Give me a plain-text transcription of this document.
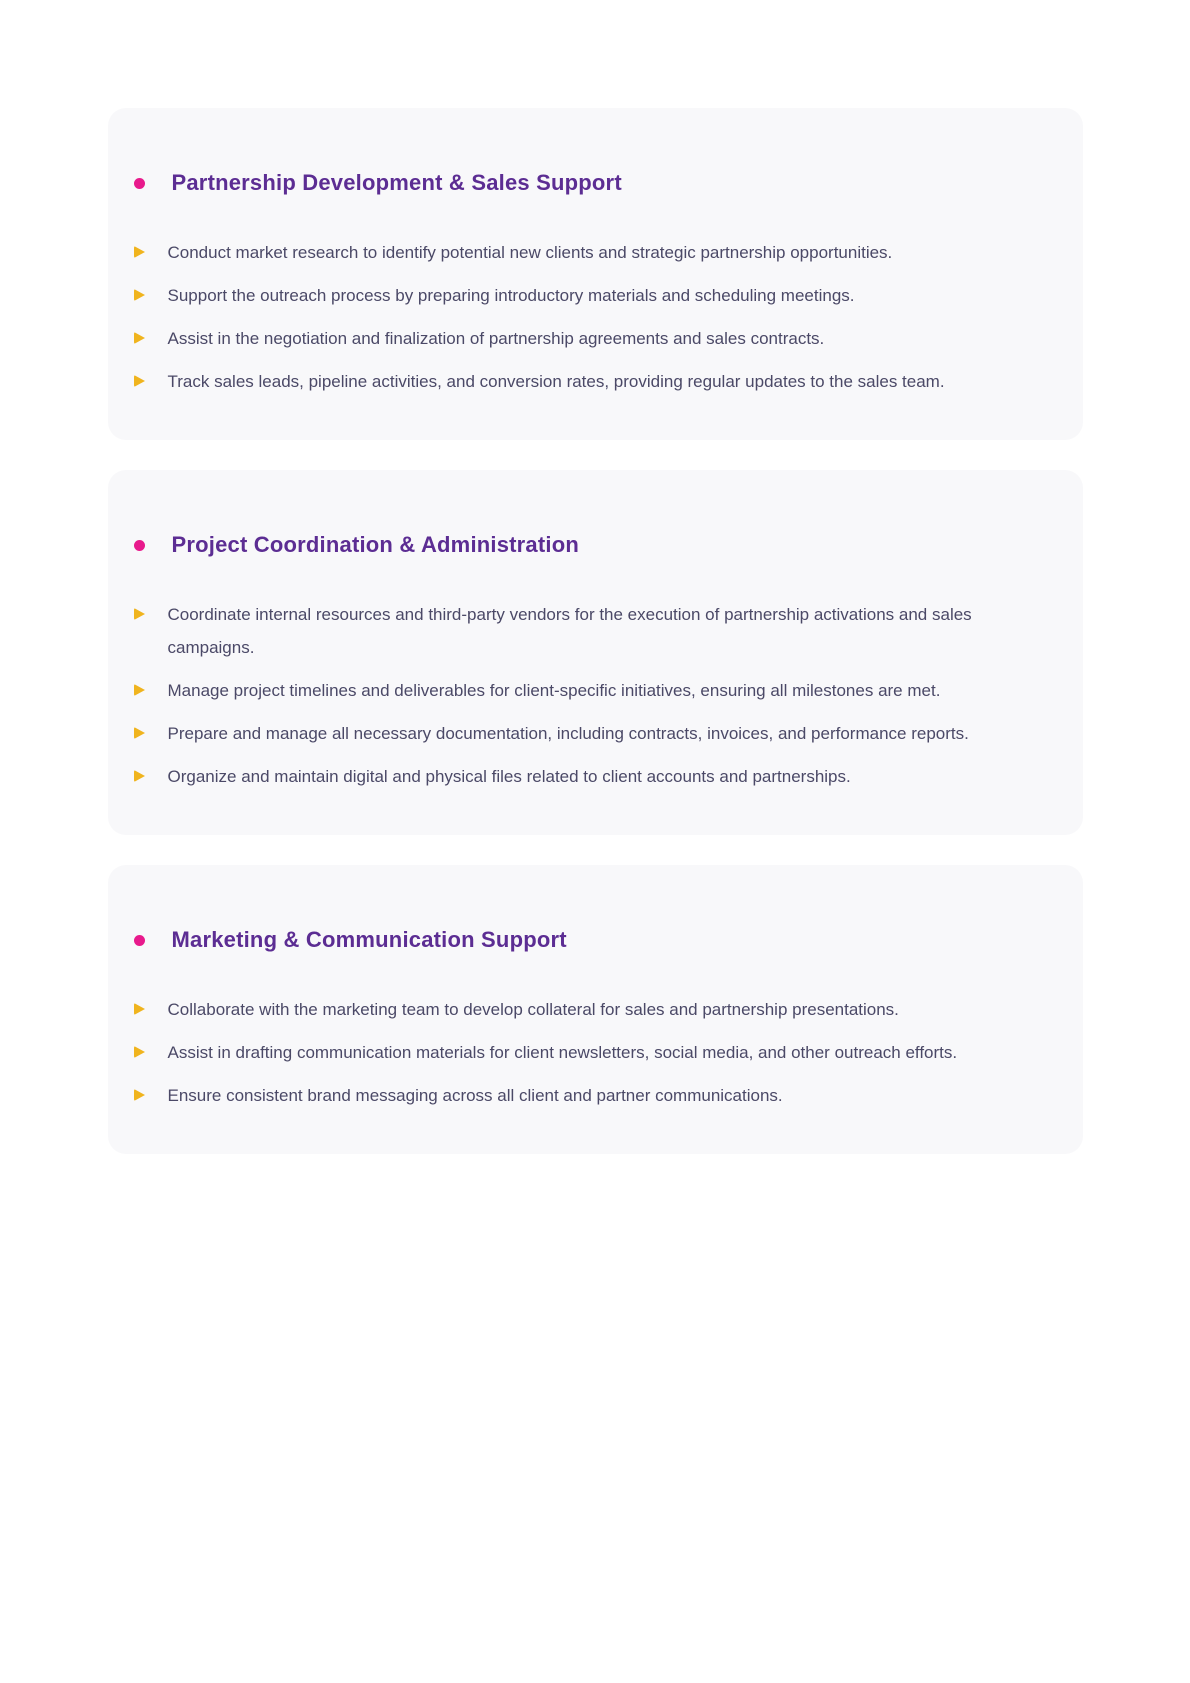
Partnership Development & Sales Support
Conduct market research to identify potential new clients and strategic partnership opportunities.
Support the outreach process by preparing introductory materials and scheduling meetings.
Assist in the negotiation and finalization of partnership agreements and sales contracts.
Track sales leads, pipeline activities, and conversion rates, providing regular updates to the sales team.
Project Coordination & Administration
Coordinate internal resources and third-party vendors for the execution of partnership activations and sales campaigns.
Manage project timelines and deliverables for client-specific initiatives, ensuring all milestones are met.
Prepare and manage all necessary documentation, including contracts, invoices, and performance reports.
Organize and maintain digital and physical files related to client accounts and partnerships.
Marketing & Communication Support
Collaborate with the marketing team to develop collateral for sales and partnership presentations.
Assist in drafting communication materials for client newsletters, social media, and other outreach efforts.
Ensure consistent brand messaging across all client and partner communications.
